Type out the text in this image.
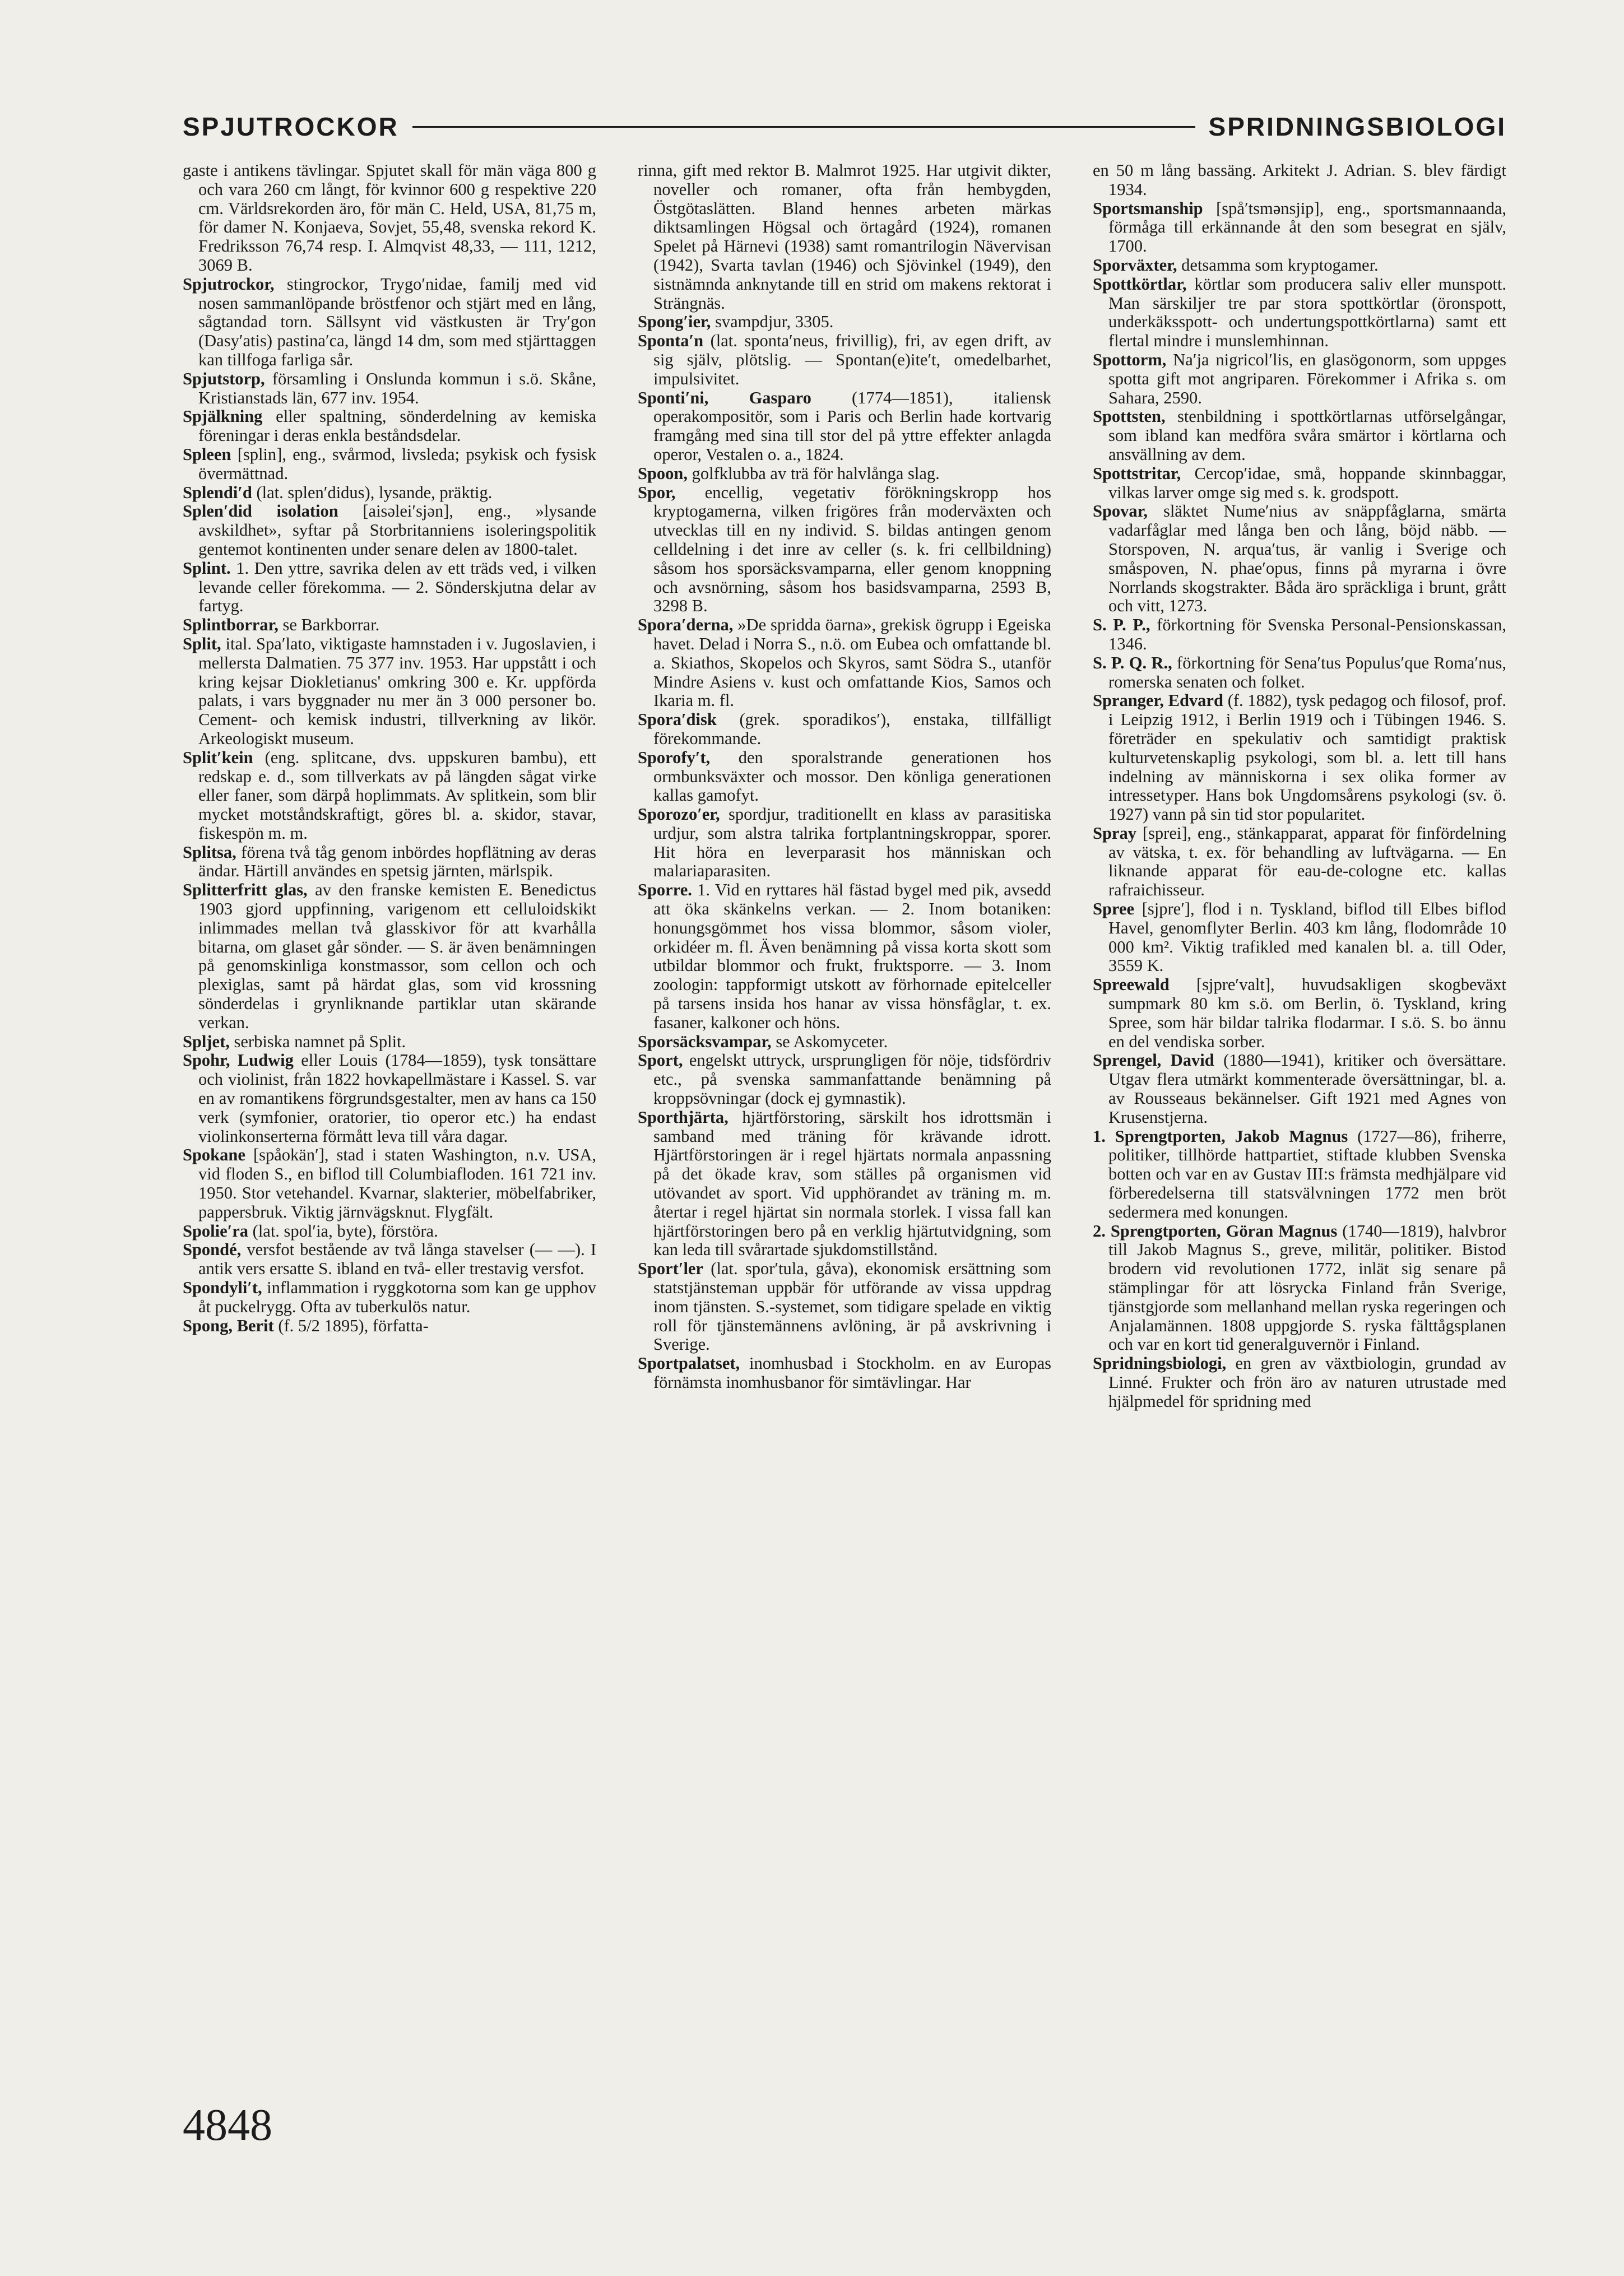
SPJUTROCKOR	SPRIDNINGSBIOLOGI

gaste i antikens tävlingar. Spjutet skall för män väga 800 g och vara 260 cm långt, för kvinnor 600 g respektive 220 cm. Världsrekorden äro, för män C. Held, USA, 81,75 m, för damer N. Konjaeva, Sovjet, 55,48, svenska rekord K. Fredriksson 76,74 resp. I. Almqvist 48,33, — 111, 1212, 3069 B.

Spjutrockor, stingrockor, Trygo′nidae, familj med vid nosen sammanlöpande bröstfenor och stjärt med en lång, sågtandad torn. Sällsynt vid västkusten är Try′gon (Dasy′atis) pastina′ca, längd 14 dm, som med stjärttaggen kan tillfoga farliga sår.

Spjutstorp, församling i Onslunda kommun i s.ö. Skåne, Kristianstads län, 677 inv. 1954.

Spjälkning eller spaltning, sönderdelning av kemiska föreningar i deras enkla beståndsdelar.

Spleen [splin], eng., svårmod, livsleda; psykisk och fysisk övermättnad.

Splendi′d (lat. splen′didus), lysande, präktig.

Splen′did isolation [aisəlei′sjən], eng., »lysande avskildhet», syftar på Storbritanniens isoleringspolitik gentemot kontinenten under senare delen av 1800-talet.

Splint. 1. Den yttre, savrika delen av ett träds ved, i vilken levande celler förekomma. — 2. Sönderskjutna delar av fartyg.

Splintborrar, se Barkborrar.

Split, ital. Spa′lato, viktigaste hamnstaden i v. Jugoslavien, i mellersta Dalmatien. 75 377 inv. 1953. Har uppstått i och kring kejsar Diokletianus' omkring 300 e. Kr. uppförda palats, i vars byggnader nu mer än 3 000 personer bo. Cement- och kemisk industri, tillverkning av likör. Arkeologiskt museum.

Split′kein (eng. splitcane, dvs. uppskuren bambu), ett redskap e. d., som tillverkats av på längden sågat virke eller faner, som därpå hoplimmats. Av splitkein, som blir mycket motståndskraftigt, göres bl. a. skidor, stavar, fiskespön m. m.

Splitsa, förena två tåg genom inbördes hopflätning av deras ändar. Härtill användes en spetsig järnten, märlspik.

Splitterfritt glas, av den franske kemisten E. Benedictus 1903 gjord uppfinning, varigenom ett celluloidskikt inlimmades mellan två glasskivor för att kvarhålla bitarna, om glaset går sönder. — S. är även benämningen på genomskinliga konstmassor, som cellon och och plexiglas, samt på härdat glas, som vid krossning sönderdelas i grynliknande partiklar utan skärande verkan.

Spljet, serbiska namnet på Split.

Spohr, Ludwig eller Louis (1784—1859), tysk tonsättare och violinist, från 1822 hovkapellmästare i Kassel. S. var en av romantikens förgrundsgestalter, men av hans ca 150 verk (symfonier, oratorier, tio operor etc.) ha endast violinkonserterna förmått leva till våra dagar.

Spokane [spåokän′], stad i staten Washington, n.v. USA, vid floden S., en biflod till Columbiafloden. 161 721 inv. 1950. Stor vetehandel. Kvarnar, slakterier, möbelfabriker, pappersbruk. Viktig järnvägsknut. Flygfält.

Spolie′ra (lat. spol′ia, byte), förstöra.

Spondé, versfot bestående av två långa stavelser (— —). I antik vers ersatte S. ibland en två- eller trestavig versfot.

Spondyli′t, inflammation i ryggkotorna som kan ge upphov åt puckelrygg. Ofta av tuberkulös natur.

Spong, Berit (f. 5/2 1895), författa-

rinna, gift med rektor B. Malmrot 1925. Har utgivit dikter, noveller och romaner, ofta från hembygden, Östgötaslätten. Bland hennes arbeten märkas diktsamlingen Högsal och örtagård (1924), romanen Spelet på Härnevi (1938) samt romantrilogin Nävervisan (1942), Svarta tavlan (1946) och Sjövinkel (1949), den sistnämnda anknytande till en strid om makens rektorat i Strängnäs.

Spong′ier, svampdjur, 3305.

Sponta′n (lat. sponta′neus, frivillig), fri, av egen drift, av sig själv, plötslig. — Spontan(e)ite′t, omedelbarhet, impulsivitet.

Sponti′ni, Gasparo (1774—1851), italiensk operakompositör, som i Paris och Berlin hade kortvarig framgång med sina till stor del på yttre effekter anlagda operor, Vestalen o. a., 1824.

Spoon, golfklubba av trä för halvlånga slag.

Spor, encellig, vegetativ förökningskropp hos kryptogamerna, vilken frigöres från moderväxten och utvecklas till en ny individ. S. bildas antingen genom celldelning i det inre av celler (s. k. fri cellbildning) såsom hos sporsäcksvamparna, eller genom knoppning och avsnörning, såsom hos basidsvamparna, 2593 B, 3298 B.

Spora′derna, »De spridda öarna», grekisk ögrupp i Egeiska havet. Delad i Norra S., n.ö. om Eubea och omfattande bl. a. Skiathos, Skopelos och Skyros, samt Södra S., utanför Mindre Asiens v. kust och omfattande Kios, Samos och Ikaria m. fl.

Spora′disk (grek. sporadikos′), enstaka, tillfälligt förekommande.

Sporofy′t, den sporalstrande generationen hos ormbunksväxter och mossor. Den könliga generationen kallas gamofyt.

Sporozo′er, spordjur, traditionellt en klass av parasitiska urdjur, som alstra talrika fortplantningskroppar, sporer. Hit höra en leverparasit hos människan och malariaparasiten.

Sporre. 1. Vid en ryttares häl fästad bygel med pik, avsedd att öka skänkelns verkan. — 2. Inom botaniken: honungsgömmet hos vissa blommor, såsom violer, orkidéer m. fl. Även benämning på vissa korta skott som utbildar blommor och frukt, fruktsporre. — 3. Inom zoologin: tappformigt utskott av förhornade epitelceller på tarsens insida hos hanar av vissa hönsfåglar, t. ex. fasaner, kalkoner och höns.

Sporsäcksvampar, se Askomyceter.

Sport, engelskt uttryck, ursprungligen för nöje, tidsfördriv etc., på svenska sammanfattande benämning på kroppsövningar (dock ej gymnastik).

Sporthjärta, hjärtförstoring, särskilt hos idrottsmän i samband med träning för krävande idrott. Hjärtförstoringen är i regel hjärtats normala anpassning på det ökade krav, som ställes på organismen vid utövandet av sport. Vid upphörandet av träning m. m. återtar i regel hjärtat sin normala storlek. I vissa fall kan hjärtförstoringen bero på en verklig hjärtutvidgning, som kan leda till svårartade sjukdomstillstånd.

Sport′ler (lat. spor′tula, gåva), ekonomisk ersättning som statstjänsteman uppbär för utförande av vissa uppdrag inom tjänsten. S.-systemet, som tidigare spelade en viktig roll för tjänstemännens avlöning, är på avskrivning i Sverige.

Sportpalatset, inomhusbad i Stockholm. en av Europas förnämsta inomhusbanor för simtävlingar. Har

en 50 m lång bassäng. Arkitekt J. Adrian. S. blev färdigt 1934.

Sportsmanship [spå′tsmənsjip], eng., sportsmannaanda, förmåga till erkännande åt den som besegrat en själv, 1700.

Sporväxter, detsamma som kryptogamer.

Spottkörtlar, körtlar som producera saliv eller munspott. Man särskiljer tre par stora spottkörtlar (öronspott, underkäksspott- och undertungspottkörtlarna) samt ett flertal mindre i munslemhinnan.

Spottorm, Na′ja nigricol′lis, en glasögonorm, som uppges spotta gift mot angriparen. Förekommer i Afrika s. om Sahara, 2590.

Spottsten, stenbildning i spottkörtlarnas utförselgångar, som ibland kan medföra svåra smärtor i körtlarna och ansvällning av dem.

Spottstritar, Cercop′idae, små, hoppande skinnbaggar, vilkas larver omge sig med s. k. grodspott.

Spovar, släktet Nume′nius av snäppfåglarna, smärta vadarfåglar med långa ben och lång, böjd näbb. — Storspoven, N. arqua′tus, är vanlig i Sverige och småspoven, N. phae′opus, finns på myrarna i övre Norrlands skogstrakter. Båda äro spräckliga i brunt, grått och vitt, 1273.

S. P. P., förkortning för Svenska Personal-Pensionskassan, 1346.

S. P. Q. R., förkortning för Sena′tus Populus′que Roma′nus, romerska senaten och folket.

Spranger, Edvard (f. 1882), tysk pedagog och filosof, prof. i Leipzig 1912, i Berlin 1919 och i Tübingen 1946. S. företräder en spekulativ och samtidigt praktisk kulturvetenskaplig psykologi, som bl. a. lett till hans indelning av människorna i sex olika former av intressetyper. Hans bok Ungdomsårens psykologi (sv. ö. 1927) vann på sin tid stor popularitet.

Spray [sprei], eng., stänkapparat, apparat för finfördelning av vätska, t. ex. för behandling av luftvägarna. — En liknande apparat för eau-de-cologne etc. kallas rafraichisseur.

Spree [sjpre′], flod i n. Tyskland, biflod till Elbes biflod Havel, genomflyter Berlin. 403 km lång, flodområde 10 000 km². Viktig trafikled med kanalen bl. a. till Oder, 3559 K.

Spreewald [sjpre′valt], huvudsakligen skogbeväxt sumpmark 80 km s.ö. om Berlin, ö. Tyskland, kring Spree, som här bildar talrika flodarmar. I s.ö. S. bo ännu en del vendiska sorber.

Sprengel, David (1880—1941), kritiker och översättare. Utgav flera utmärkt kommenterade översättningar, bl. a. av Rousseaus bekännelser. Gift 1921 med Agnes von Krusenstjerna.

1. Sprengtporten, Jakob Magnus (1727—86), friherre, politiker, tillhörde hattpartiet, stiftade klubben Svenska botten och var en av Gustav III:s främsta medhjälpare vid förberedelserna till statsvälvningen 1772 men bröt sedermera med konungen.

2. Sprengtporten, Göran Magnus (1740—1819), halvbror till Jakob Magnus S., greve, militär, politiker. Bistod brodern vid revolutionen 1772, inlät sig senare på stämplingar för att lösrycka Finland från Sverige, tjänstgjorde som mellanhand mellan ryska regeringen och Anjalamännen. 1808 uppgjorde S. ryska fälttågsplanen och var en kort tid generalguvernör i Finland.

Spridningsbiologi, en gren av växtbiologin, grundad av Linné. Frukter och frön äro av naturen utrustade med hjälpmedel för spridning med

4848
